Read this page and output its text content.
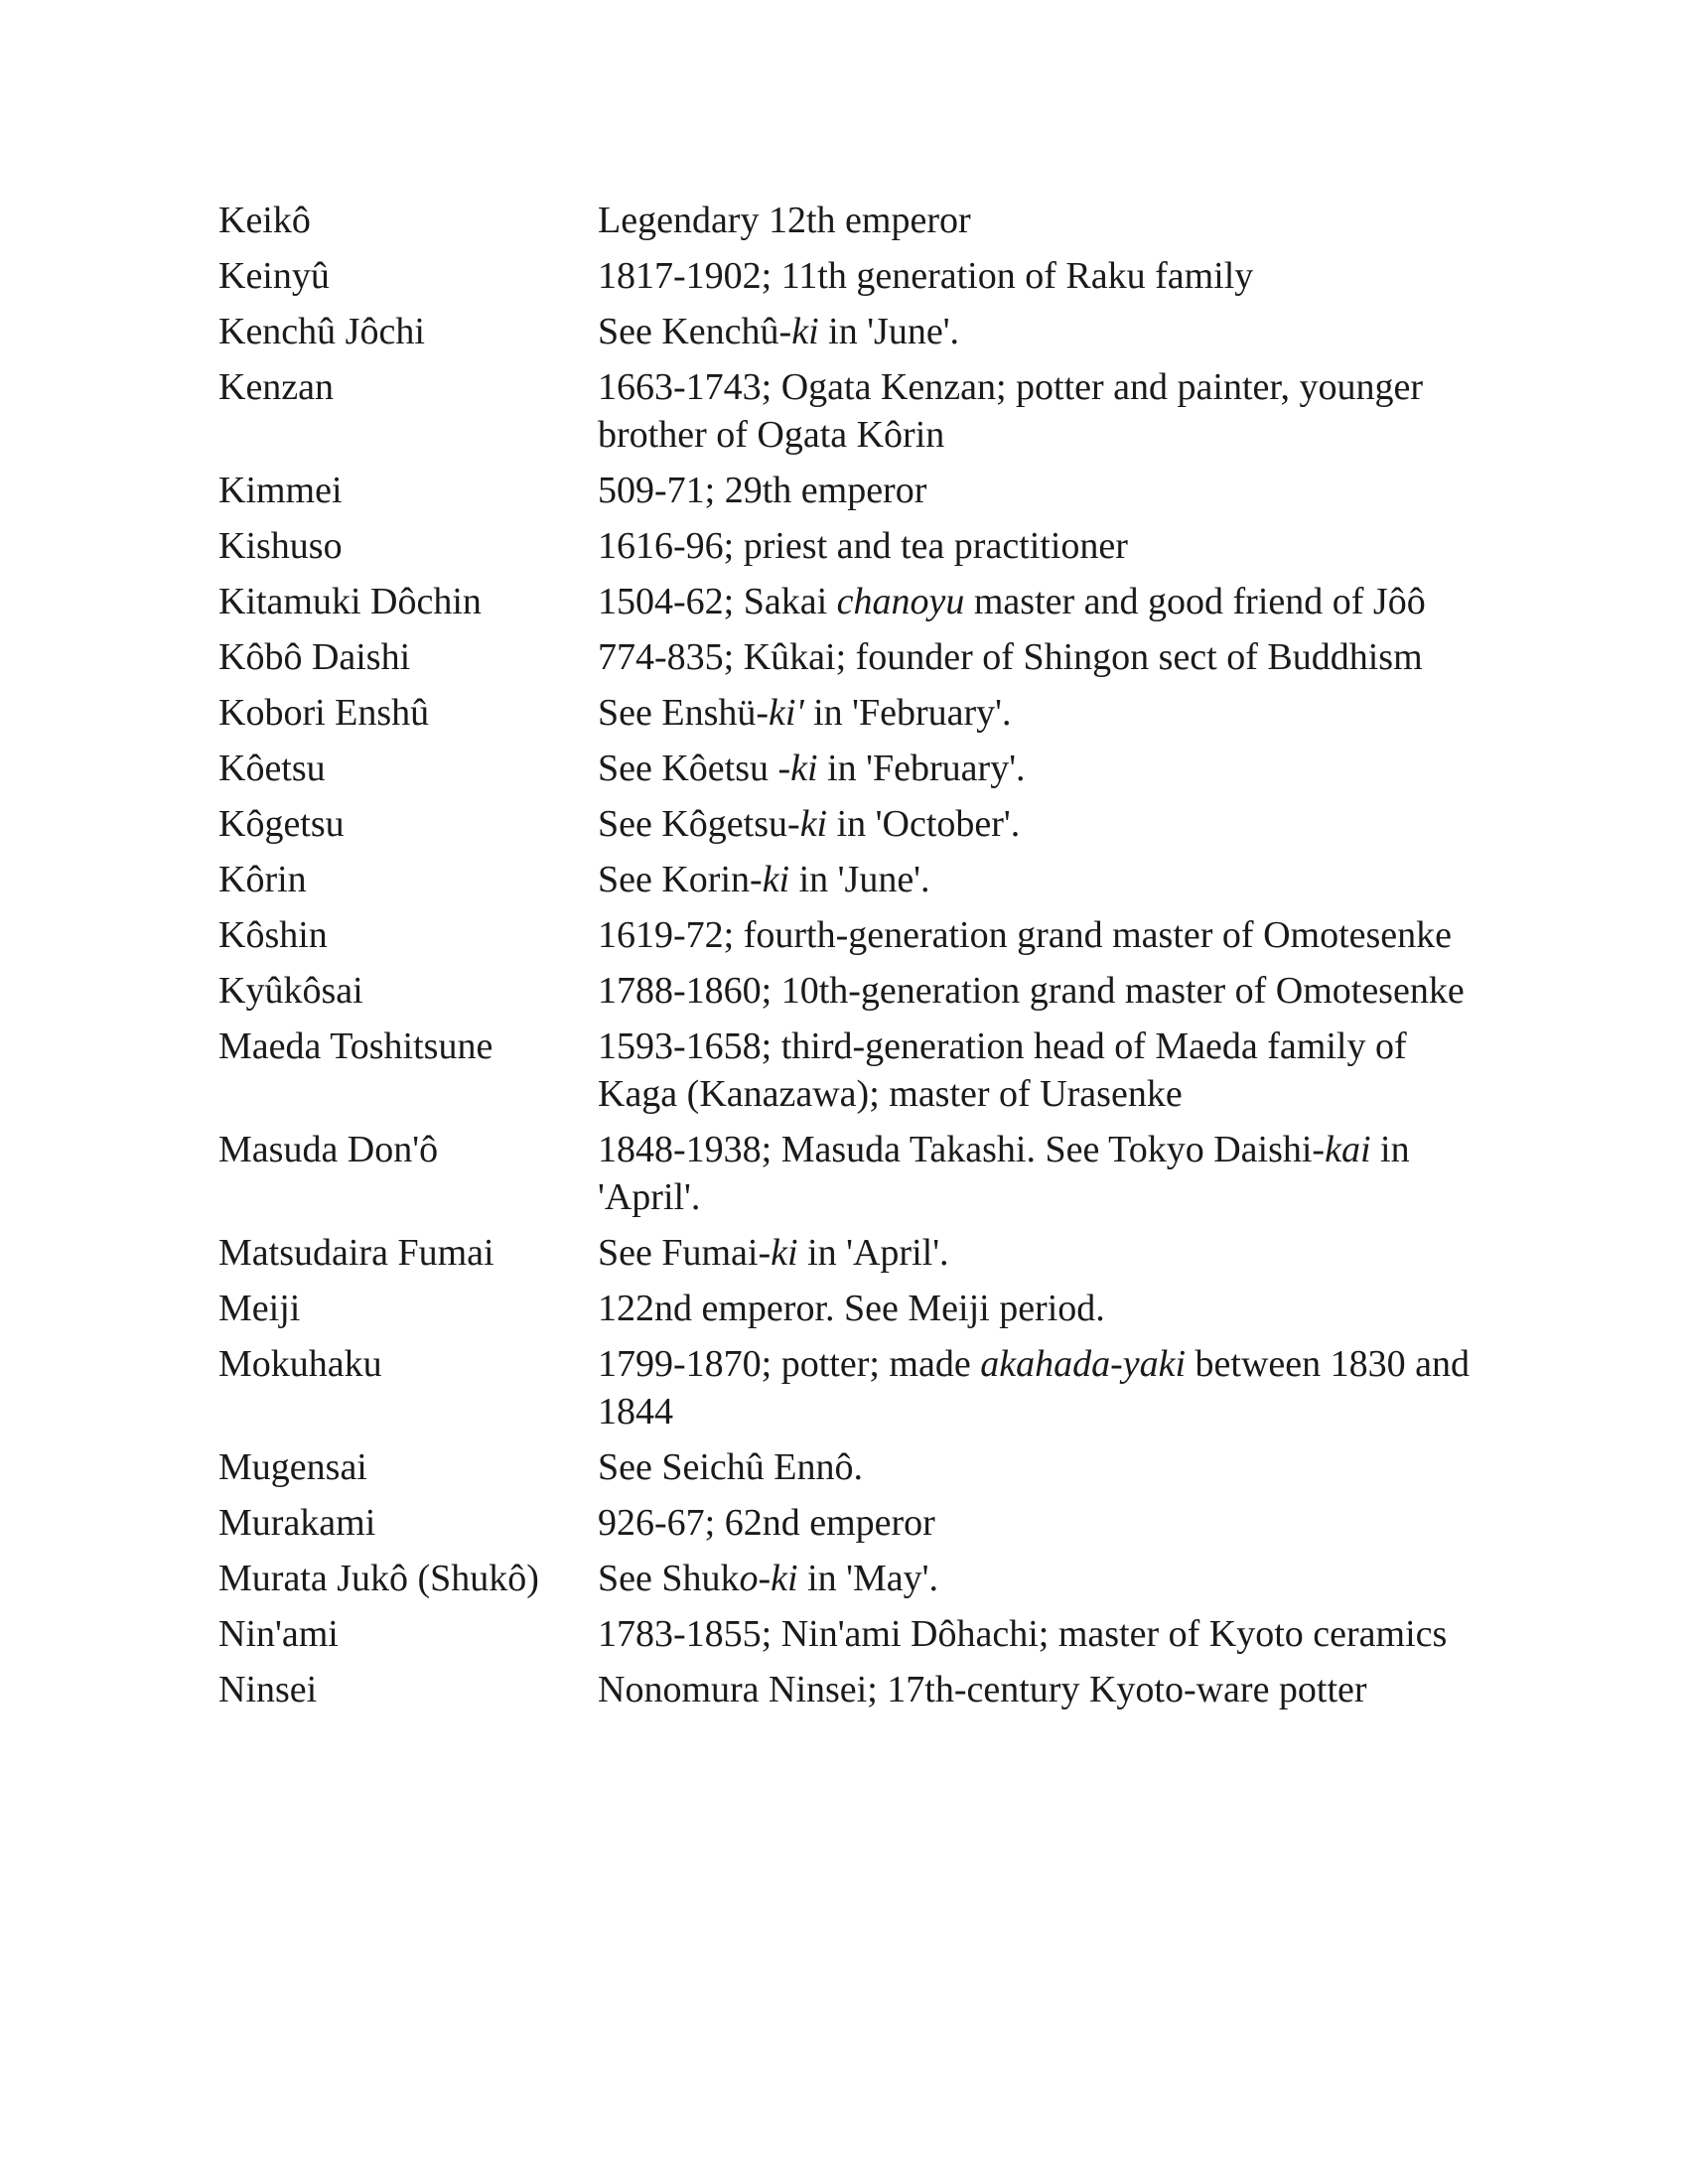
Keikô	Legendary 12th emperor
Keinyû	1817-1902; 11th generation of Raku family
Kenchû Jôchi	See Kenchû-ki in 'June'.
Kenzan	1663-1743; Ogata Kenzan; potter and painter, younger brother of Ogata Kôrin
Kimmei	509-71; 29th emperor
Kishuso	1616-96; priest and tea practitioner
Kitamuki Dôchin	1504-62; Sakai chanoyu master and good friend of Jôô
Kôbô Daishi	774-835; Kûkai; founder of Shingon sect of Buddhism
Kobori Enshû	See Enshü-ki' in 'February'.
Kôetsu	See Kôetsu -ki in 'February'.
Kôgetsu	See Kôgetsu-ki in 'October'.
Kôrin	See Korin-ki in 'June'.
Kôshin	1619-72; fourth-generation grand master of Omotesenke
Kyûkôsai	1788-1860; 10th-generation grand master of Omotesenke
Maeda Toshitsune	1593-1658; third-generation head of Maeda family of Kaga (Kanazawa); master of Urasenke
Masuda Don'ô	1848-1938; Masuda Takashi. See Tokyo Daishi-kai in 'April'.
Matsudaira Fumai	See Fumai-ki in 'April'.
Meiji	122nd emperor. See Meiji period.
Mokuhaku	1799-1870; potter; made akahada-yaki between 1830 and 1844
Mugensai	See Seichû Ennô.
Murakami	926-67; 62nd emperor
Murata Jukô (Shukô)	See Shuko-ki in 'May'.
Nin'ami	1783-1855; Nin'ami Dôhachi; master of Kyoto ceramics
Ninsei	Nonomura Ninsei; 17th-century Kyoto-ware potter
